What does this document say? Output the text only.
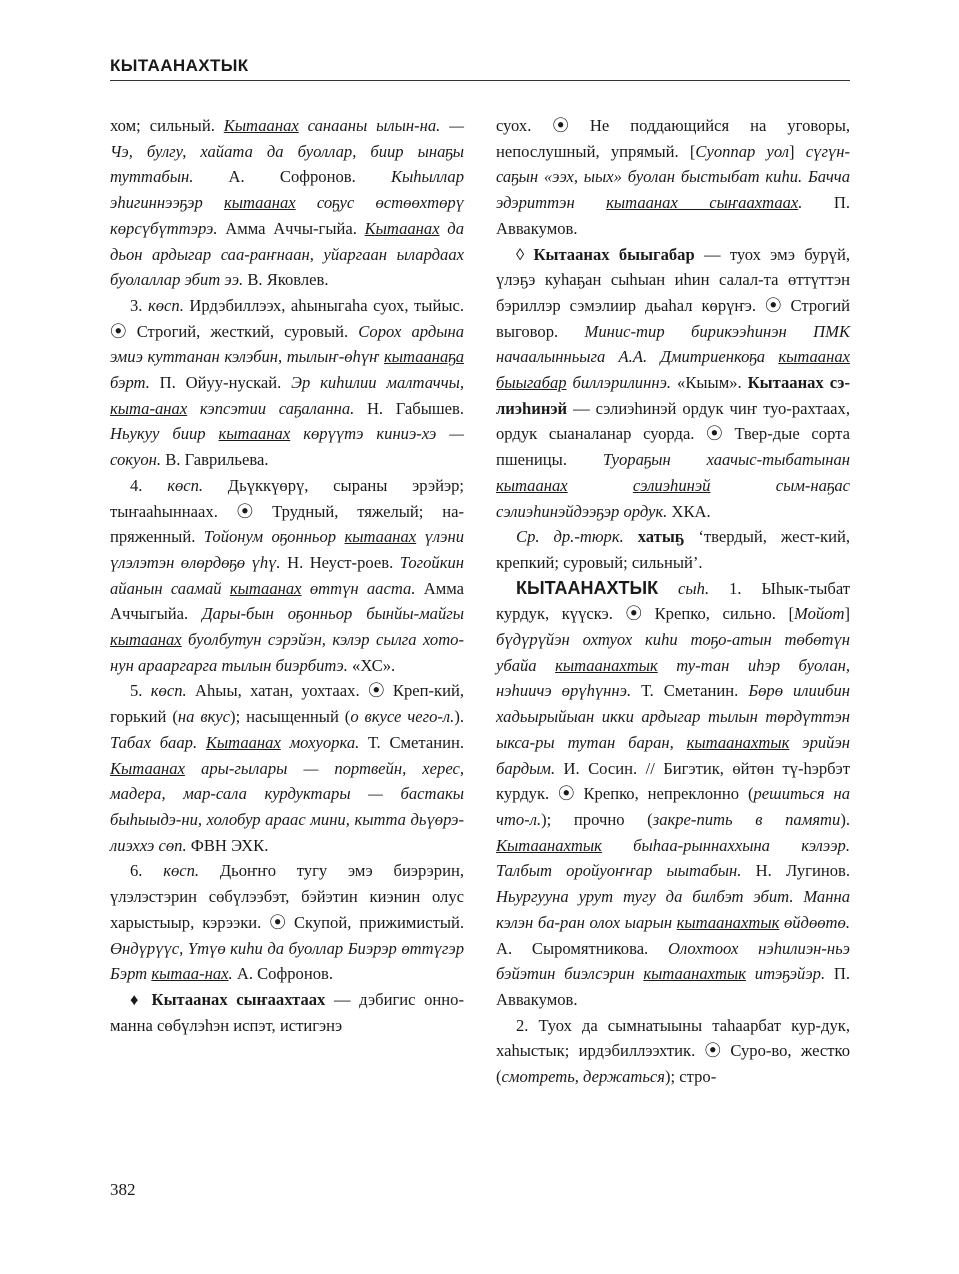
КЫТААНАХТЫК

хом; сильный. Кытаанах санааны ылын-на. — Чэ, булгу, хайата да буоллар, биир ынаҕы туттабын. А. Софронов. Кыһыллар эһигиннээҕэр кытаанах соҕус өстөөхтөрү көрсүбүттэрэ. Амма Аччы-гыйа. Кытаанах да дьон ардыгар саа-раҥнаан, уйаргаан ылардаах буолаллар эбит ээ. В. Яковлев.

3. көсп. Ирдэбиллээх, аһыныгаһа суох, тыйыс. ⦿ Строгий, жесткий, суровый. Сорох ардына эмиэ куттанан кэлэбин, тылыҥ-өһүҥ кытаанаҕа бэрт. П. Ойуу-нускай. Эр киһилии малтаччы, кыта-анах кэпсэтии саҕаланна. Н. Габышев. Ньукуу биир кытаанах көрүүтэ киниэ-хэ — сокуон. В. Гаврильева.

4. көсп. Дьүккүөрү, сыраны эрэйэр; тыҥааһыннаах. ⦿ Трудный, тяжелый; на-пряженный. Тойонум оҕонньор кытаанах үлэни үлэлэтэн өлөрдөҕө үһү. Н. Неуст-роев. Тогойкин айанын саамай кытаанах өттүн ааста. Амма Аччыгыйа. Дары-бын оҕонньор бынйы-майгы кытаанах буолбутун сэрэйэн, кэлэр сылга хото-нун арааргарга тылын биэрбитэ. «ХС».

5. көсп. Аһыы, хатан, уохтаах. ⦿ Креп-кий, горький (на вкус); насыщенный (о вкусе чего-л.). Табах баар. Кытаанах мохуорка. Т. Сметанин. Кытаанах ары-гылары — портвейн, херес, мадера, мар-сала курдуктары — бастакы быһыыдэ-ни, холобур араас мини, кытта дьүөрэ-лиэххэ сөп. ФВН ЭХК.

6. көсп. Дьоҥҥо тугу эмэ биэрэрин, үлэлэстэрин сөбүлээбэт, бэйэтин киэнин олус харыстыыр, кэрээки. ⦿ Скупой, прижимистый. Өндүрүүс, Үтүө киһи да буоллар Биэрэр өттүгэр Бэрт кытаа-нах. А. Софронов.

♦ Кытаанах сыҥаахтаах — дэбигис онно-манна сөбүлэһэн испэт, истигэнэ

суох. ⦿ Не поддающийся на уговоры, непослушный, упрямый. [Суоппар уол] сүгүн-саҕын «ээх, ыых» буолан быстыбат киһи. Бачча эдэриттэн кытаанах сыҥаахтаах. П. Аввакумов.

◊ Кытаанах быыгабар — туох эмэ бурүй, үлэҕэ куһаҕан сыһыан иһин салал-та өттүттэн бэриллэр сэмэлиир дьаһал көрүҥэ. ⦿ Строгий выговор. Минис-тир бирикээһинэн ПМК начаалынньыга А.А. Дмитриенкоҕа кытаанах быыгабар биллэрилиннэ. «Кыым». Кытаанах сэ-лиэһинэй — сэлиэһинэй ордук чиҥ туо-рахтаах, ордук сыаналанар суорда. ⦿ Твер-дые сорта пшеницы. Туораҕын хаачыс-тыбатынан кытаанах	сэлиэһинэй сым-наҕас сэлиэһинэйдээҕэр ордук. ХКА.

Ср. др.-тюрк. хатыҕ ‘твердый, жест-кий, крепкий; суровый; сильный’.

КЫТААНАХТЫК сыһ. 1. Ыһык-тыбат курдук, күүскэ. ⦿ Крепко, сильно. [Мойот] бүдүрүйэн охтуох киһи тоҕо-атын төбөтүн убайа кытаанахтык ту-тан иһэр буолан, нэһиичэ өрүһүннэ. Т. Сметанин. Бөрө илиибин хадьырыйыан икки ардыгар тылын төрдүттэн ыкса-ры тутан баран, кытаанахтык эрийэн бардым. И. Сосин. // Бигэтик, өйтөн тү-һэрбэт курдук. ⦿ Крепко, непреклонно (решиться на что-л.); прочно (закре-пить в памяти). Кытаанахтык быһаа-рыннаххына кэлээр. Талбыт оройуоҥҥар ыытабын. Н. Лугинов. Ньургууна урут тугу да билбэт эбит. Манна кэлэн ба-ран олох ыарын кытаанахтык өйдөөтө. А. Сыромятникова. Олохтоох нэһилиэн-ньэ бэйэтин биэлсэрин кытаанахтык итэҕэйэр. П. Аввакумов.

2. Туох да сымнатыыны таһаарбат кур-дук, хаһыстык; ирдэбиллээхтик. ⦿ Суро-во, жестко (смотреть, держаться); стро-

382
